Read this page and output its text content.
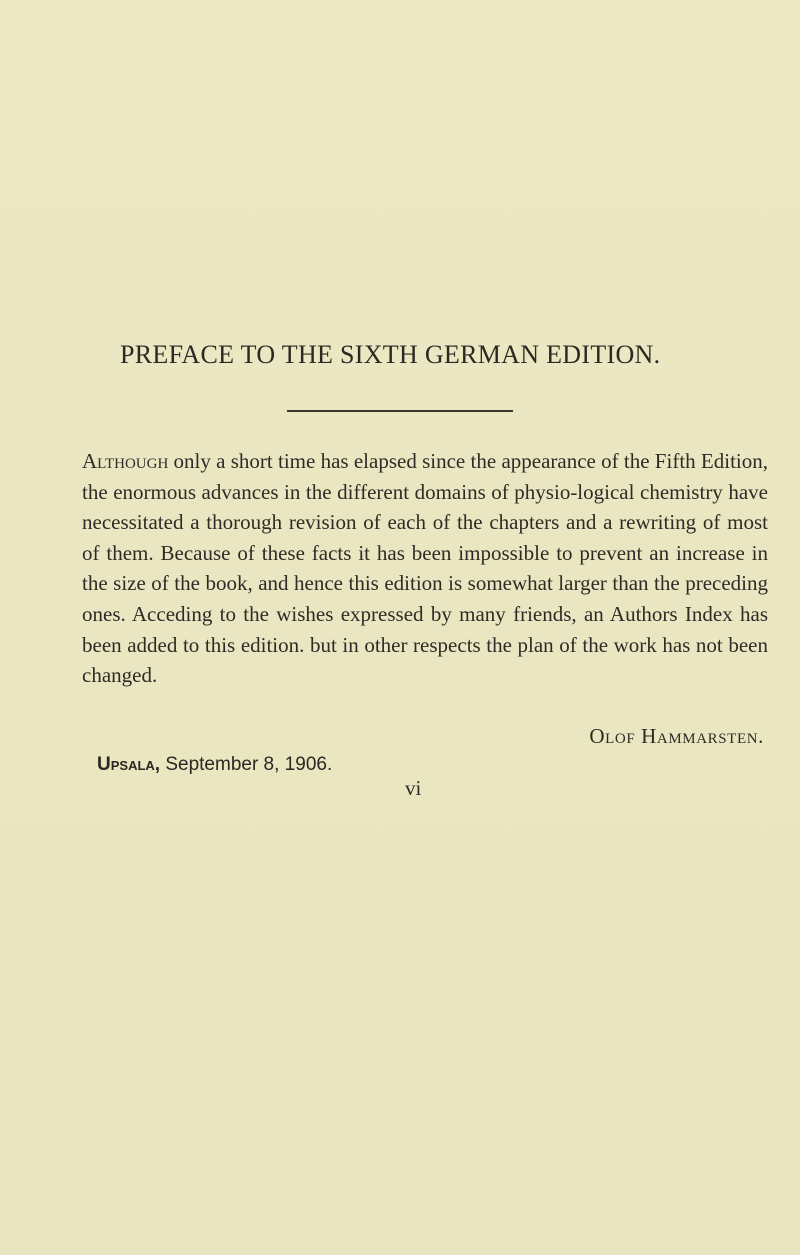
PREFACE TO THE SIXTH GERMAN EDITION.
Although only a short time has elapsed since the appearance of the Fifth Edition, the enormous advances in the different domains of physio-logical chemistry have necessitated a thorough revision of each of the chapters and a rewriting of most of them. Because of these facts it has been impossible to prevent an increase in the size of the book, and hence this edition is somewhat larger than the preceding ones. Acceding to the wishes expressed by many friends, an Authors Index has been added to this edition. but in other respects the plan of the work has not been changed.
Olof Hammarsten.
Upsala, September 8, 1906.
vi
